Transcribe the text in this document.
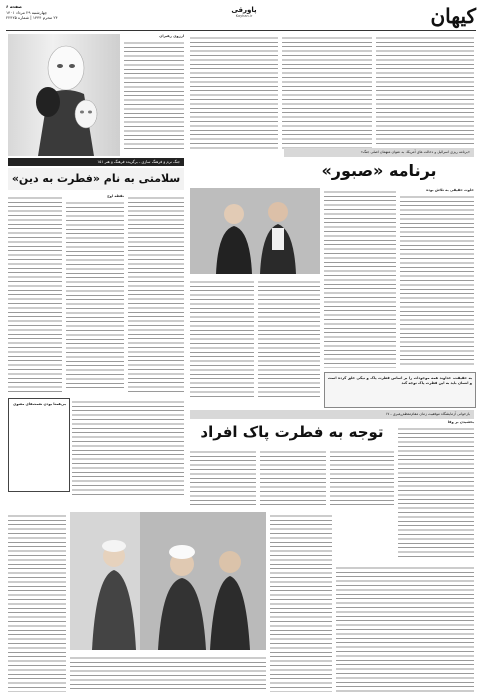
کیهان
پاورقی
Kayhan.ir
صفحه ۶
چهارشنبه ۲۹ مرداد ۱۴۰۱
۲۴ محرم ۱۴۴۴ | شماره ۲۲۴۲۵
آرزوی رهبران
جنگ نرم و فرهنگ سازی ـ برگزیده فرهنگ و هنر ۱۵۱
سلامتی به نام «فطرت به دین»
نقطه اوج
بی‌همتا بودن نعمت‌های معنوی
«برنامه ریزی اسرائیل و دخالت های آمریکا، به عنوان متهمان اصلی جنگ»
برنامه «صبور»
خلوت حقیقی به تلاش بوده
به حقیقت، خداوند همه موجودات را بر اساس فطرت پاک و نیکی خلق کرده است و انسان باید به این فطرت پاک توجه کند
بازخوانی آزمایشگاه موفقیت زمان مقام‌معظم‌رهبری ـ ۱۷
توجه به فطرت پاک افراد
بخشیدن بر وفا
